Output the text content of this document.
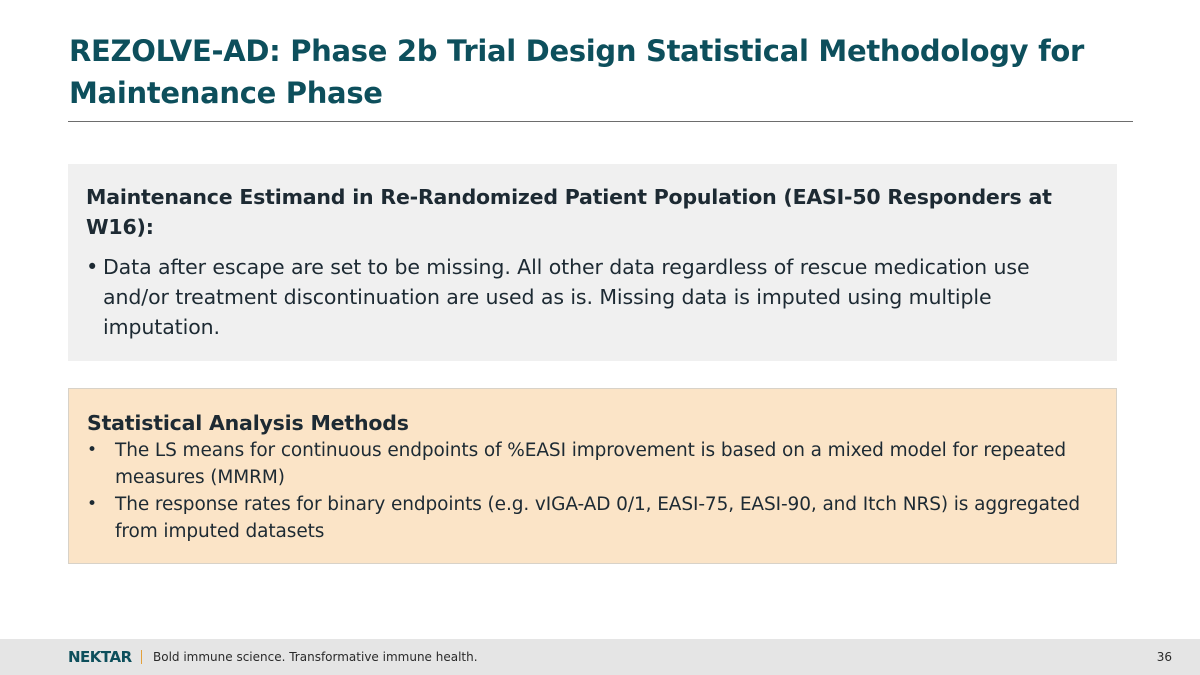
REZOLVE-AD: Phase 2b Trial Design Statistical Methodology for Maintenance Phase
Maintenance Estimand in Re-Randomized Patient Population (EASI-50 Responders at W16):
• Data after escape are set to be missing. All other data regardless of rescue medication use and/or treatment discontinuation are used as is. Missing data is imputed using multiple imputation.
Statistical Analysis Methods
• The LS means for continuous endpoints of %EASI improvement is based on a mixed model for repeated measures (MMRM)
• The response rates for binary endpoints (e.g. vIGA-AD 0/1, EASI-75, EASI-90, and Itch NRS) is aggregated from imputed datasets
NEKTAR Bold immune science. Transformative immune health.	36
